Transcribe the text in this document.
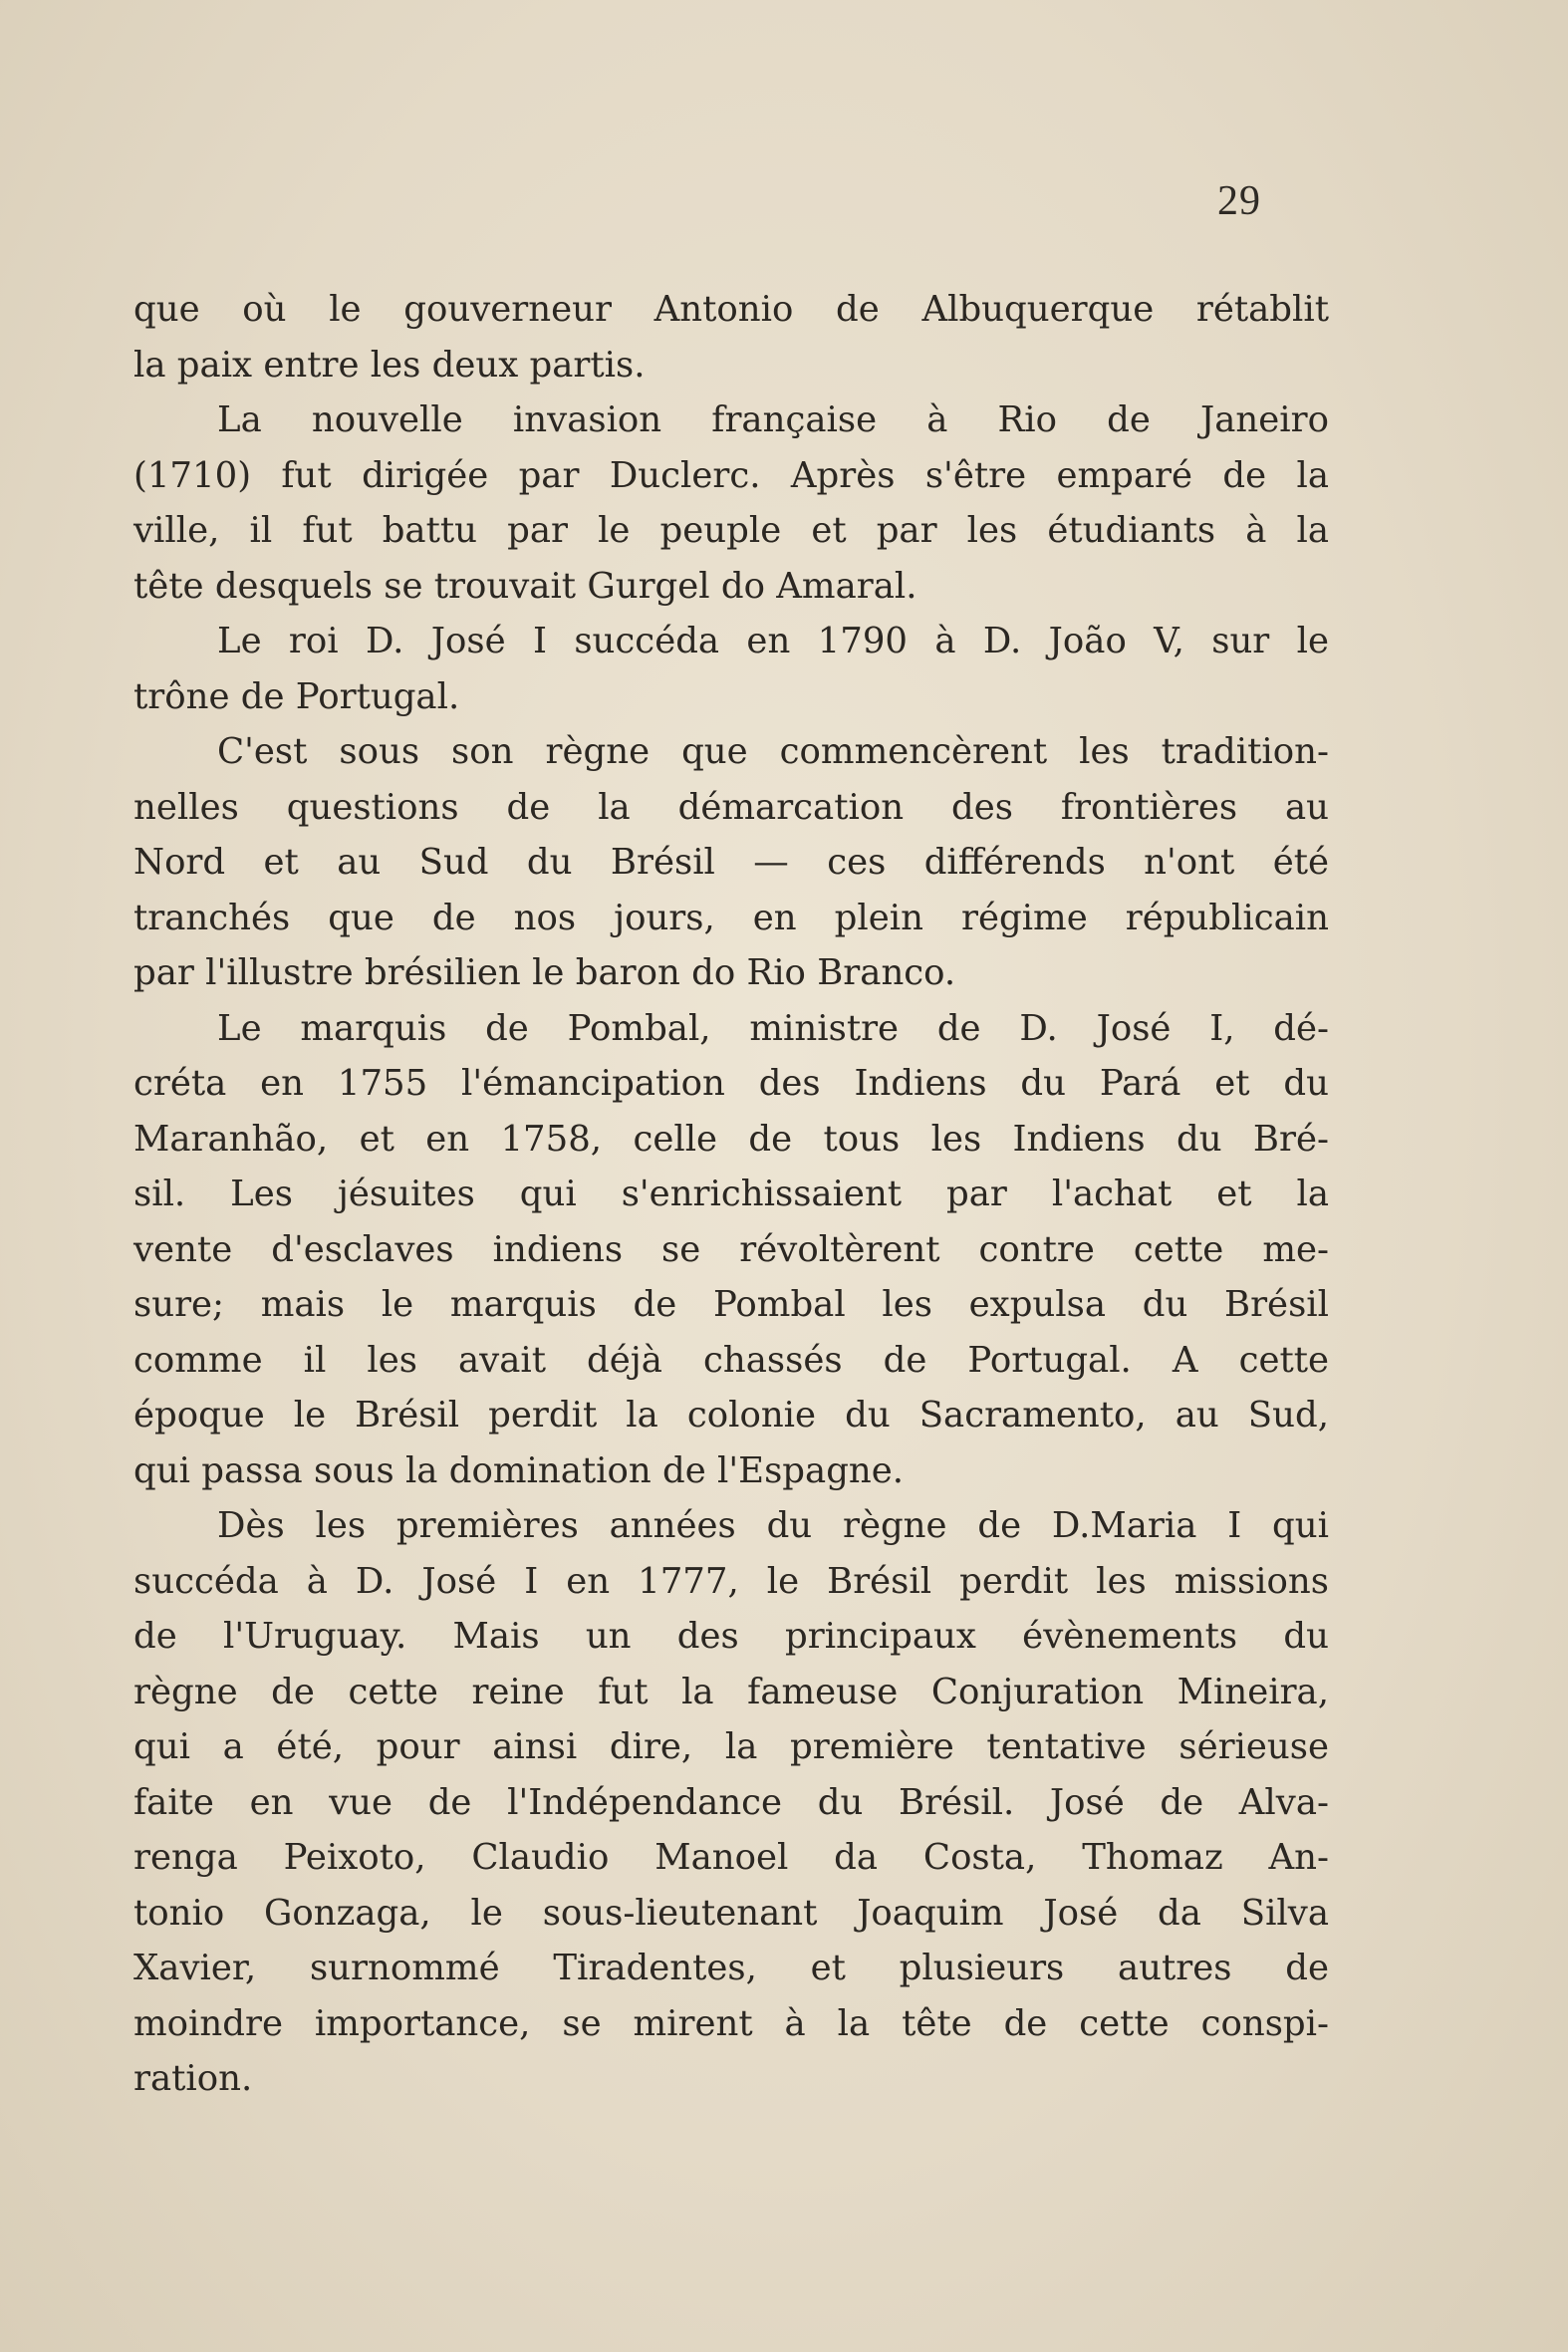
29
que où le gouverneur Antonio de Albuquerque rétablit
la paix entre les deux partis.
La nouvelle invasion française à Rio de Janeiro
(1710) fut dirigée par Duclerc. Après s'être emparé de la
ville, il fut battu par le peuple et par les étudiants à la
tête desquels se trouvait Gurgel do Amaral.
Le roi D. José I succéda en 1790 à D. João V, sur le
trône de Portugal.
C'est sous son règne que commencèrent les tradition-
nelles questions de la démarcation des frontières au
Nord et au Sud du Brésil — ces différends n'ont été
tranchés que de nos jours, en plein régime républicain
par l'illustre brésilien le baron do Rio Branco.
Le marquis de Pombal, ministre de D. José I, dé-
créta en 1755 l'émancipation des Indiens du Pará et du
Maranhão, et en 1758, celle de tous les Indiens du Bré-
sil. Les jésuites qui s'enrichissaient par l'achat et la
vente d'esclaves indiens se révoltèrent contre cette me-
sure; mais le marquis de Pombal les expulsa du Brésil
comme il les avait déjà chassés de Portugal. A cette
époque le Brésil perdit la colonie du Sacramento, au Sud,
qui passa sous la domination de l'Espagne.
Dès les premières années du règne de D.Maria I qui
succéda à D. José I en 1777, le Brésil perdit les missions
de l'Uruguay. Mais un des principaux évènements du
règne de cette reine fut la fameuse Conjuration Mineira,
qui a été, pour ainsi dire, la première tentative sérieuse
faite en vue de l'Indépendance du Brésil. José de Alva-
renga Peixoto, Claudio Manoel da Costa, Thomaz An-
tonio Gonzaga, le sous-lieutenant Joaquim José da Silva
Xavier, surnommé Tiradentes, et plusieurs autres de
moindre importance, se mirent à la tête de cette conspi-
ration.
